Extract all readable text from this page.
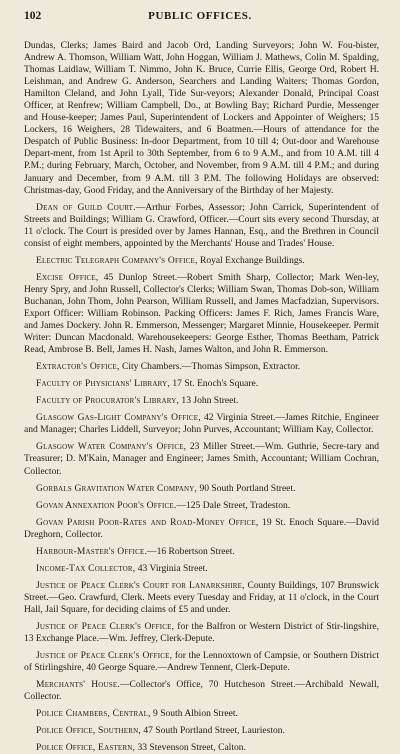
102	PUBLIC OFFICES.

Dundas, Clerks; James Baird and Jacob Ord, Landing Surveyors; John W. Fou-bister, Andrew A. Thomson, William Watt, John Hoggan, William J. Mathews, Colin M. Spalding, Thomas Laidlaw, William T. Nimmo, John K. Bruce, Currie Ellis, George Ord, Robert H. Leishman, and Andrew G. Anderson, Searchers and Landing Waiters; Thomas Gordon, Hamilton Cleland, and John Lyall, Tide Sur-veyors; Alexander Donald, Principal Coast Officer, at Renfrew; William Campbell, Do., at Bowling Bay; Richard Purdie, Messenger and House-keeper; James Paul, Superintendent of Lockers and Appointer of Weighers; 15 Lockers, 16 Weighers, 28 Tidewaiters, and 6 Boatmen.—Hours of attendance for the Despatch of Public Business: In-door Department, from 10 till 4; Out-door and Warehouse Depart-ment, from 1st April to 30th September, from 6 to 9 A.M., and from 10 A.M. till 4 P.M.; during February, March, October, and November, from 9 A.M. till 4 P.M.; and during January and December, from 9 A.M. till 3 P.M. The following Holidays are observed: Christmas-day, Good Friday, and the Anniversary of the Birthday of her Majesty.

Dean of Guild Court.—Arthur Forbes, Assessor; John Carrick, Superintendent of Streets and Buildings; William G. Crawford, Officer.—Court sits every second Thursday, at 11 o'clock. The Court is presided over by James Hannan, Esq., and the Brethren in Council consist of eight members, appointed by the Merchants' House and Trades' House.

Electric Telegraph Company's Office, Royal Exchange Buildings.

Excise Office, 45 Dunlop Street.—Robert Smith Sharp, Collector; Mark Wen-ley, Henry Spry, and John Russell, Collector's Clerks; William Swan, Thomas Dob-son, William Buchanan, John Thom, John Pearson, William Russell, and James Macfadzian, Supervisors. Export Officer: William Robinson. Packing Officers: James F. Rich, James Francis Ware, and James Dockery. John R. Emmerson, Messenger; Margaret Minnie, Housekeeper. Permit Writer: Duncan Macdonald. Warehousekeepers: George Esther, Thomas Beetham, Patrick Read, Ambrose B. Bell, James H. Nash, James Walton, and John R. Emmerson.

Extractor's Office, City Chambers.—Thomas Simpson, Extractor.

Faculty of Physicians' Library, 17 St. Enoch's Square.

Faculty of Procurator's Library, 13 John Street.

Glasgow Gas-Light Company's Office, 42 Virginia Street.—James Ritchie, Engineer and Manager; Charles Liddell, Surveyor; John Purves, Accountant; William Kay, Collector.

Glasgow Water Company's Office, 23 Miller Street.—Wm. Guthrie, Secre-tary and Treasurer; D. M'Kain, Manager and Engineer; James Smith, Accountant; William Cochran, Collector.

Gorbals Gravitation Water Company, 90 South Portland Street.

Govan Annexation Poor's Office.—125 Dale Street, Tradeston.

Govan Parish Poor-Rates and Road-Money Office, 19 St. Enoch Square.—David Dreghorn, Collector.

Harbour-Master's Office.—16 Robertson Street.

Income-Tax Collector, 43 Virginia Street.

Justice of Peace Clerk's Court for Lanarkshire, County Buildings, 107 Brunswick Street.—Geo. Crawfurd, Clerk. Meets every Tuesday and Friday, at 11 o'clock, in the Court Hall, Jail Square, for deciding claims of £5 and under.

Justice of Peace Clerk's Office, for the Balfron or Western District of Stir-lingshire, 13 Exchange Place.—Wm. Jeffrey, Clerk-Depute.

Justice of Peace Clerk's Office, for the Lennoxtown of Campsie, or Southern District of Stirlingshire, 40 George Square.—Andrew Tennent, Clerk-Depute.

Merchants' House.—Collector's Office, 70 Hutcheson Street.—Archibald Newall, Collector.

Police Chambers, Central, 9 South Albion Street.

Police Office, Southern, 47 South Portland Street, Laurieston.

Police Office, Eastern, 33 Stevenson Street, Calton.
